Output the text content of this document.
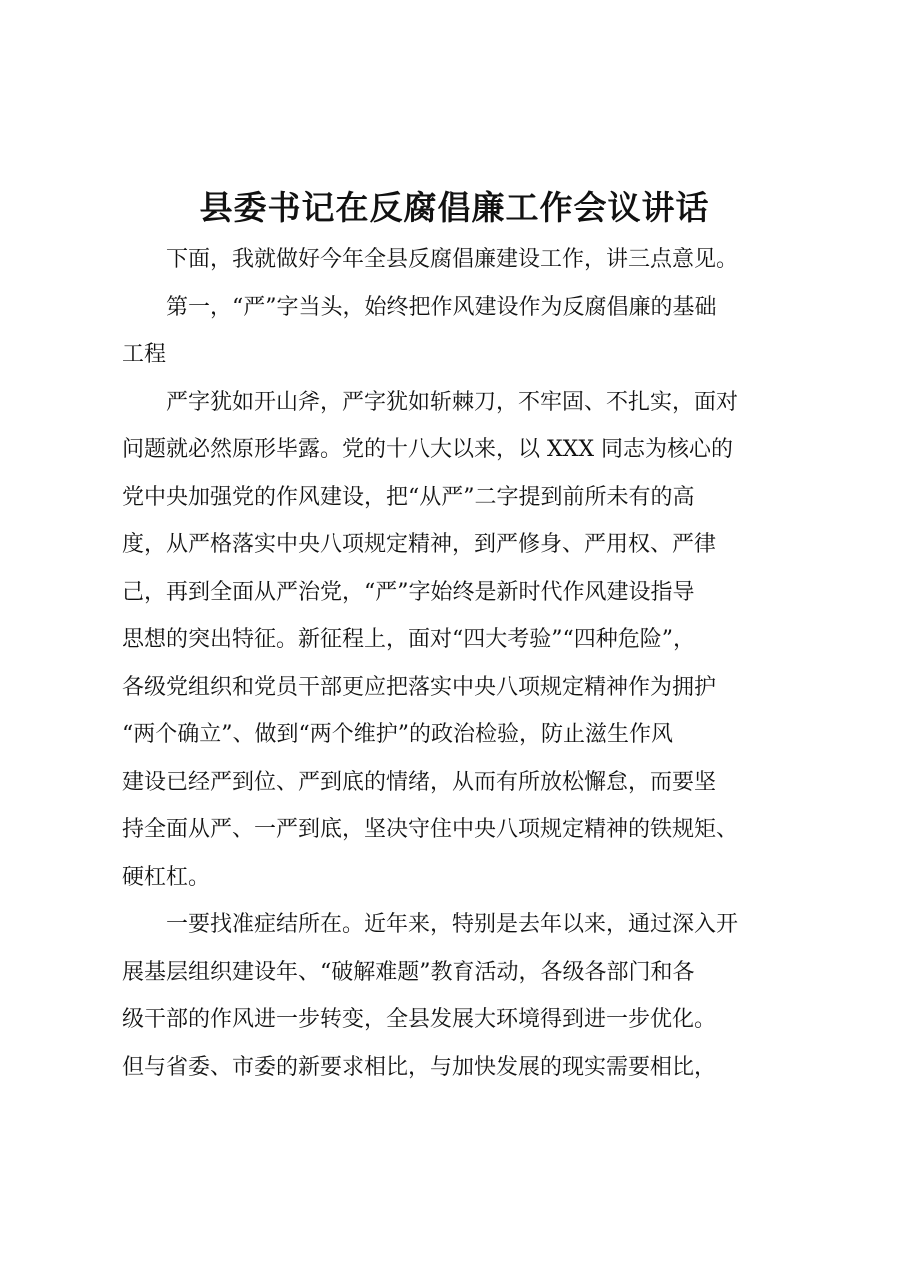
县委书记在反腐倡廉工作会议讲话
下面，我就做好今年全县反腐倡廉建设工作，讲三点意见。
第一，“严”字当头，始终把作风建设作为反腐倡廉的基础
工程
严字犹如开山斧，严字犹如斩棘刀，不牢固、不扎实，面对
问题就必然原形毕露。党的十八大以来，以 XXX 同志为核心的
党中央加强党的作风建设，把“从严”二字提到前所未有的高
度，从严格落实中央八项规定精神，到严修身、严用权、严律
己，再到全面从严治党，“严”字始终是新时代作风建设指导
思想的突出特征。新征程上，面对“四大考验”“四种危险”，
各级党组织和党员干部更应把落实中央八项规定精神作为拥护
“两个确立”、做到“两个维护”的政治检验，防止滋生作风
建设已经严到位、严到底的情绪，从而有所放松懈怠，而要坚
持全面从严、一严到底，坚决守住中央八项规定精神的铁规矩、
硬杠杠。
一要找准症结所在。近年来，特别是去年以来，通过深入开
展基层组织建设年、“破解难题”教育活动，各级各部门和各
级干部的作风进一步转变，全县发展大环境得到进一步优化。
但与省委、市委的新要求相比，与加快发展的现实需要相比，
